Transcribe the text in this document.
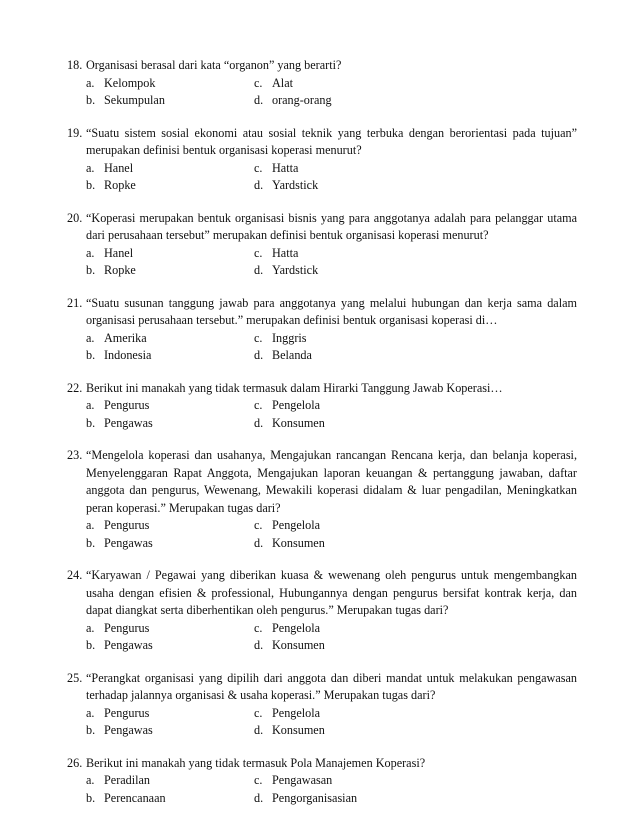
18. Organisasi berasal dari kata “organon” yang berarti?
a. Kelompok	c. Alat
b. Sekumpulan	d. orang-orang
19. “Suatu sistem sosial ekonomi atau sosial teknik yang terbuka dengan berorientasi pada tujuan” merupakan definisi bentuk organisasi koperasi menurut?
a. Hanel	c. Hatta
b. Ropke	d. Yardstick
20. “Koperasi merupakan bentuk organisasi bisnis yang para anggotanya adalah para pelanggar utama dari perusahaan tersebut” merupakan definisi bentuk organisasi koperasi menurut?
a. Hanel	c. Hatta
b. Ropke	d. Yardstick
21. “Suatu susunan tanggung jawab para anggotanya yang melalui hubungan dan kerja sama dalam organisasi perusahaan tersebut.” merupakan definisi bentuk organisasi koperasi di…
a. Amerika	c. Inggris
b. Indonesia	d. Belanda
22. Berikut ini manakah yang tidak termasuk dalam Hirarki Tanggung Jawab Koperasi…
a. Pengurus	c. Pengelola
b. Pengawas	d. Konsumen
23. “Mengelola koperasi dan usahanya, Mengajukan rancangan Rencana kerja, dan belanja koperasi, Menyelenggaran Rapat Anggota, Mengajukan laporan keuangan & pertanggung jawaban, daftar anggota dan pengurus, Wewenang, Mewakili koperasi didalam & luar pengadilan, Meningkatkan peran koperasi.” Merupakan tugas dari?
a. Pengurus	c. Pengelola
b. Pengawas	d. Konsumen
24. “Karyawan / Pegawai yang diberikan kuasa & wewenang oleh pengurus untuk mengembangkan usaha dengan efisien & professional, Hubungannya dengan pengurus bersifat kontrak kerja, dan dapat diangkat serta diberhentikan oleh pengurus.” Merupakan tugas dari?
a. Pengurus	c. Pengelola
b. Pengawas	d. Konsumen
25. “Perangkat organisasi yang dipilih dari anggota dan diberi mandat untuk melakukan pengawasan terhadap jalannya organisasi & usaha koperasi.” Merupakan tugas dari?
a. Pengurus	c. Pengelola
b. Pengawas	d. Konsumen
26. Berikut ini manakah yang tidak termasuk Pola Manajemen Koperasi?
a. Peradilan	c. Pengawasan
b. Perencanaan	d. Pengorganisasian
